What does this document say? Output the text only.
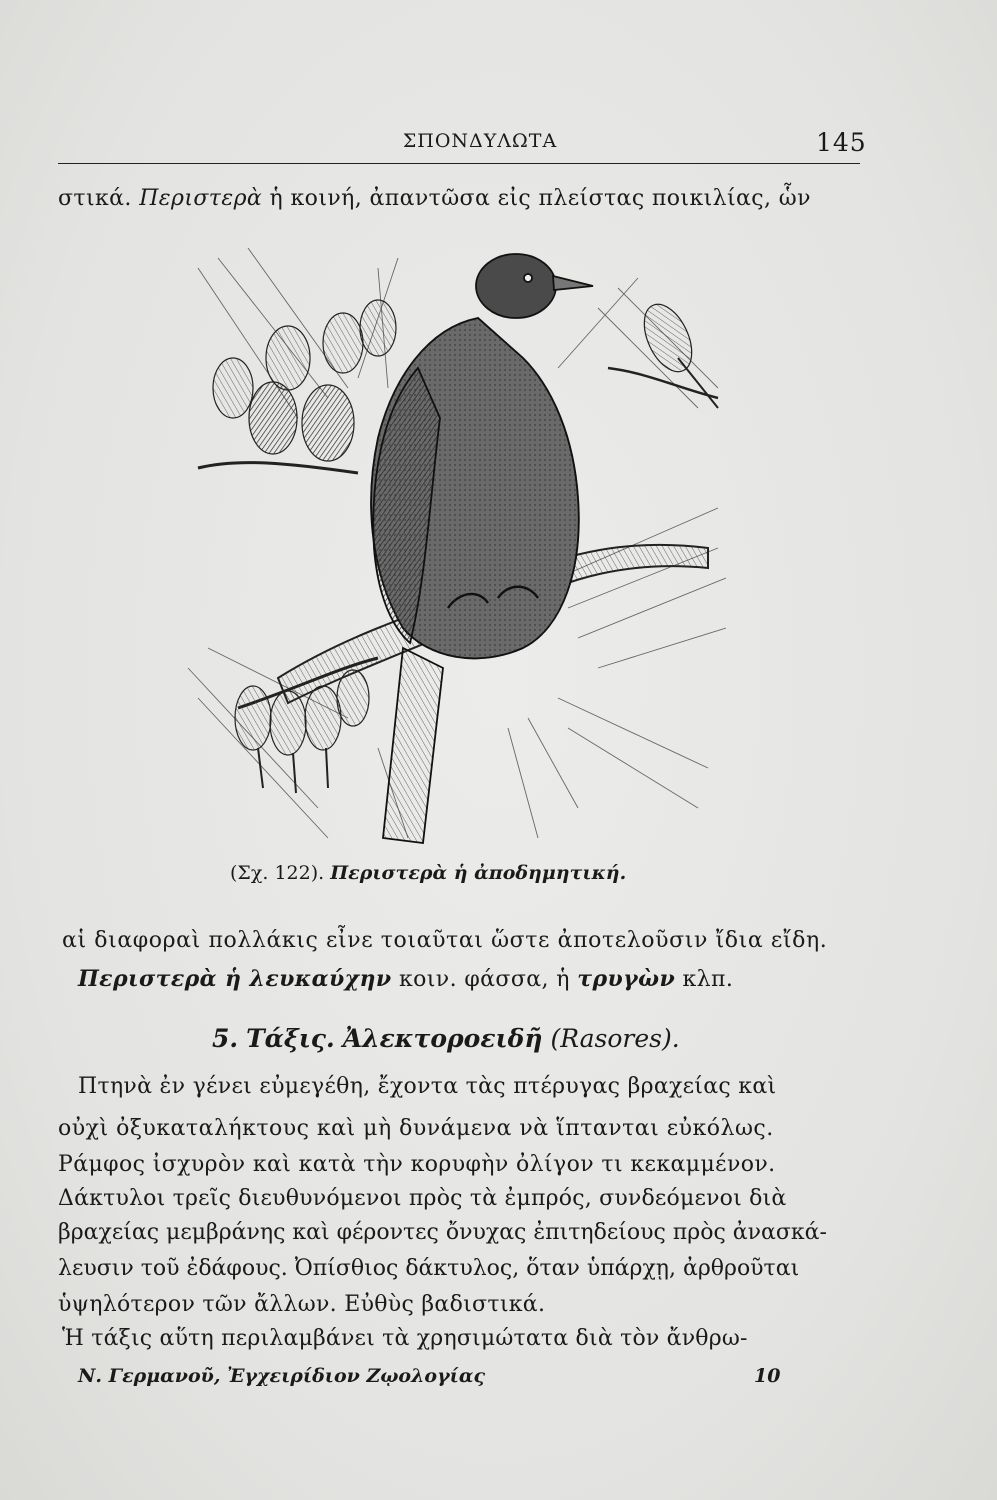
ΣΠΟΝΔΥΛΩΤΑ	145
στικά. Περιστερὰ ἡ κοινή, ἀπαντῶσα εἰς πλείστας ποικιλίας, ὧν
(Σχ. 122). Περιστερὰ ἡ ἀποδημητική.
αἱ διαφοραὶ πολλάκις εἶνε τοιαῦται ὥστε ἀποτελοῦσιν ἴδια εἴδη.
Περιστερὰ ἡ λευκαύχην κοιν. φάσσα, ἡ τρυγὼν κλπ.
5. Τάξις. Ἀλεκτοροειδῆ (Rasores).
Πτηνὰ ἐν γένει εὐμεγέθη, ἔχοντα τὰς πτέρυγας βραχείας καὶ
οὐχὶ ὀξυκαταλήκτους καὶ μὴ δυνάμενα νὰ ἵπτανται εὐκόλως.
Ράμφος ἰσχυρὸν καὶ κατὰ τὴν κορυφὴν ὀλίγον τι κεκαμμένον.
Δάκτυλοι τρεῖς διευθυνόμενοι πρὸς τὰ ἐμπρός, συνδεόμενοι διὰ
βραχείας μεμβράνης καὶ φέροντες ὄνυχας ἐπιτηδείους πρὸς ἀνασκά-
λευσιν τοῦ ἐδάφους. Ὀπίσθιος δάκτυλος, ὅταν ὑπάρχῃ, ἀρθροῦται
ὑψηλότερον τῶν ἄλλων. Εὐθὺς βαδιστικά.
Ἡ τάξις αὕτη περιλαμβάνει τὰ χρησιμώτατα διὰ τὸν ἄνθρω-
Ν. Γερμανοῦ, Ἐγχειρίδιον Ζῳολογίας	10
